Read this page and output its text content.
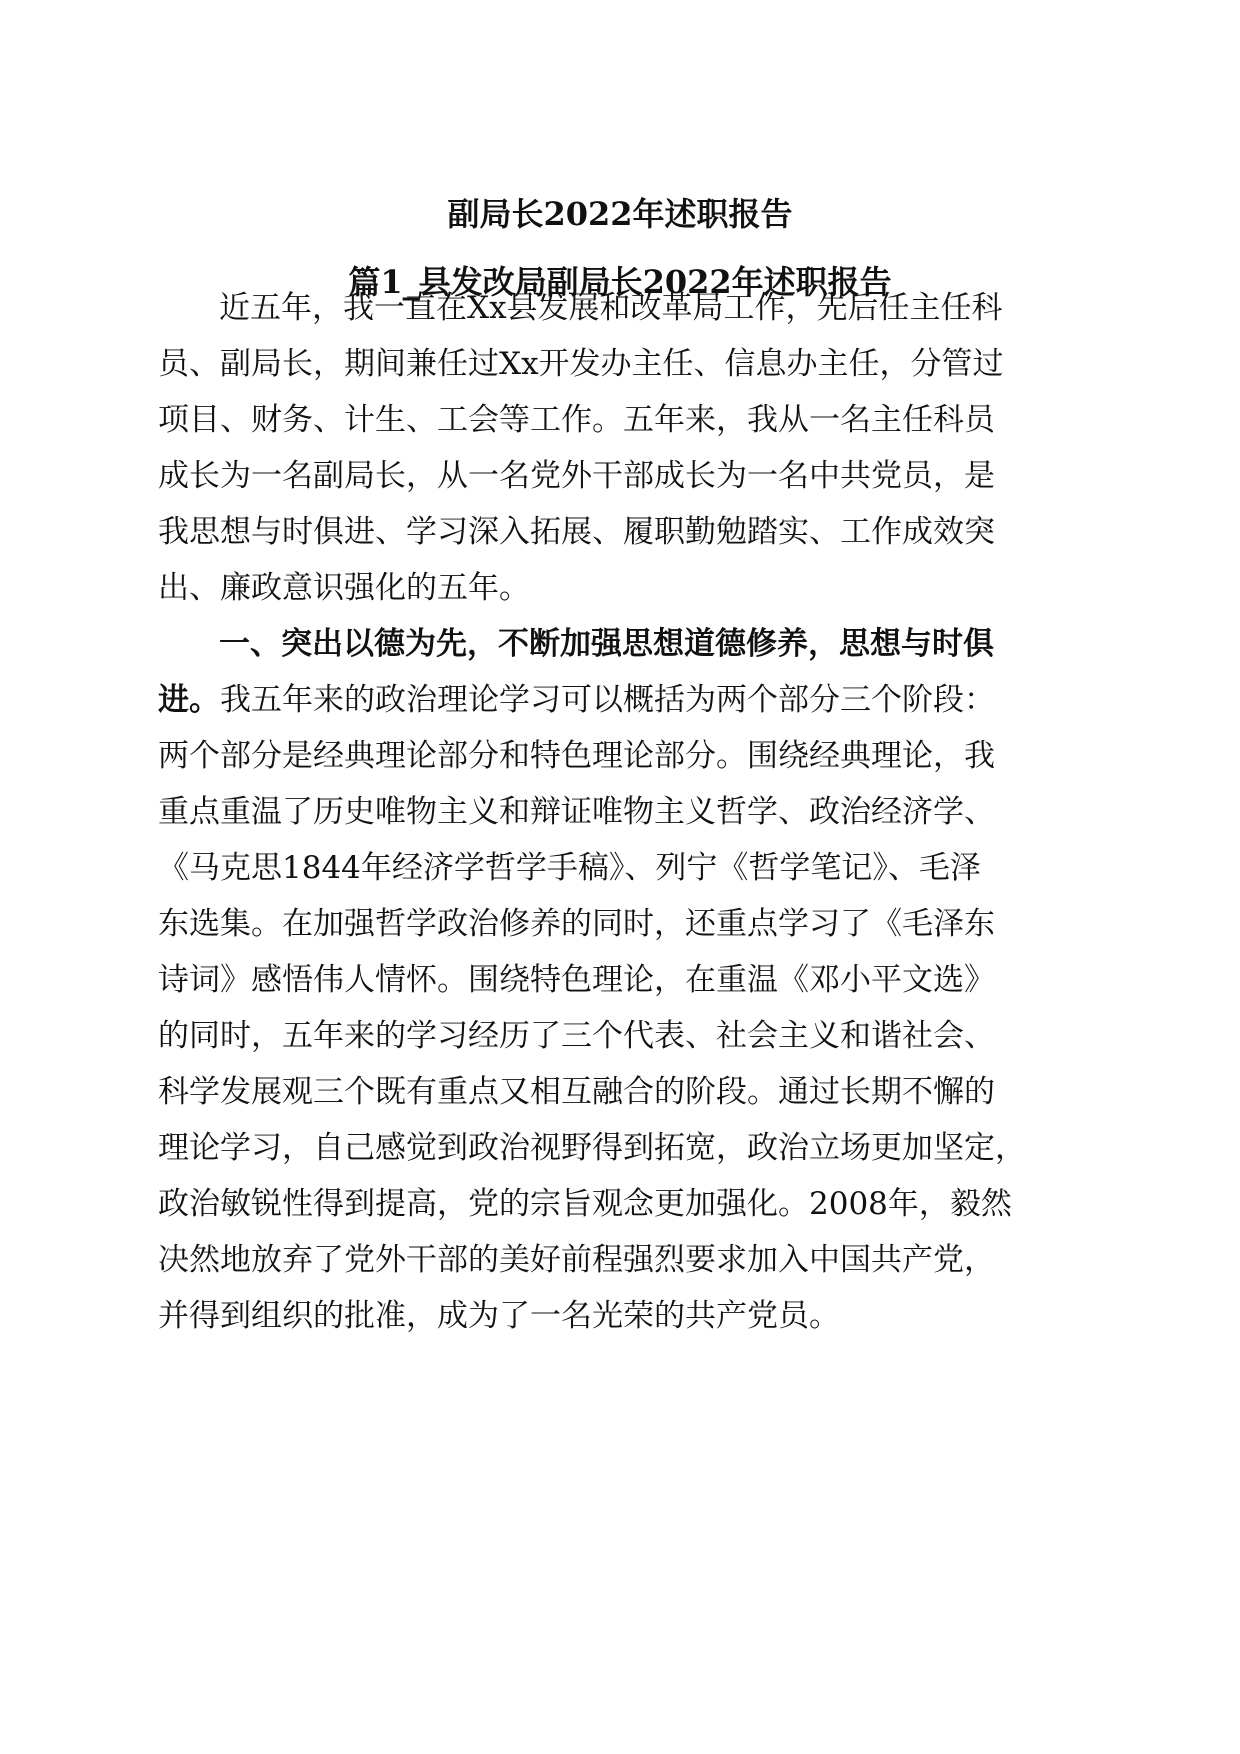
副局长2022年述职报告
篇1_县发改局副局长2022年述职报告

近五年，我一直在Xx县发展和改革局工作，先后任主任科

员、副局长，期间兼任过Xx开发办主任、信息办主任，分管过

项目、财务、计生、工会等工作。五年来，我从一名主任科员

成长为一名副局长，从一名党外干部成长为一名中共党员，是

我思想与时俱进、学习深入拓展、履职勤勉踏实、工作成效突

出、廉政意识强化的五年。

一、突出以德为先，不断加强思想道德修养，思想与时俱

进。我五年来的政治理论学习可以概括为两个部分三个阶段：

两个部分是经典理论部分和特色理论部分。围绕经典理论，我

重点重温了历史唯物主义和辩证唯物主义哲学、政治经济学、

《马克思1844年经济学哲学手稿》、列宁《哲学笔记》、毛泽

东选集。在加强哲学政治修养的同时，还重点学习了《毛泽东

诗词》感悟伟人情怀。围绕特色理论，在重温《邓小平文选》

的同时，五年来的学习经历了三个代表、社会主义和谐社会、

科学发展观三个既有重点又相互融合的阶段。通过长期不懈的

理论学习，自己感觉到政治视野得到拓宽，政治立场更加坚定，

政治敏锐性得到提高，党的宗旨观念更加强化。2008年，毅然

决然地放弃了党外干部的美好前程强烈要求加入中国共产党，

并得到组织的批准，成为了一名光荣的共产党员。
